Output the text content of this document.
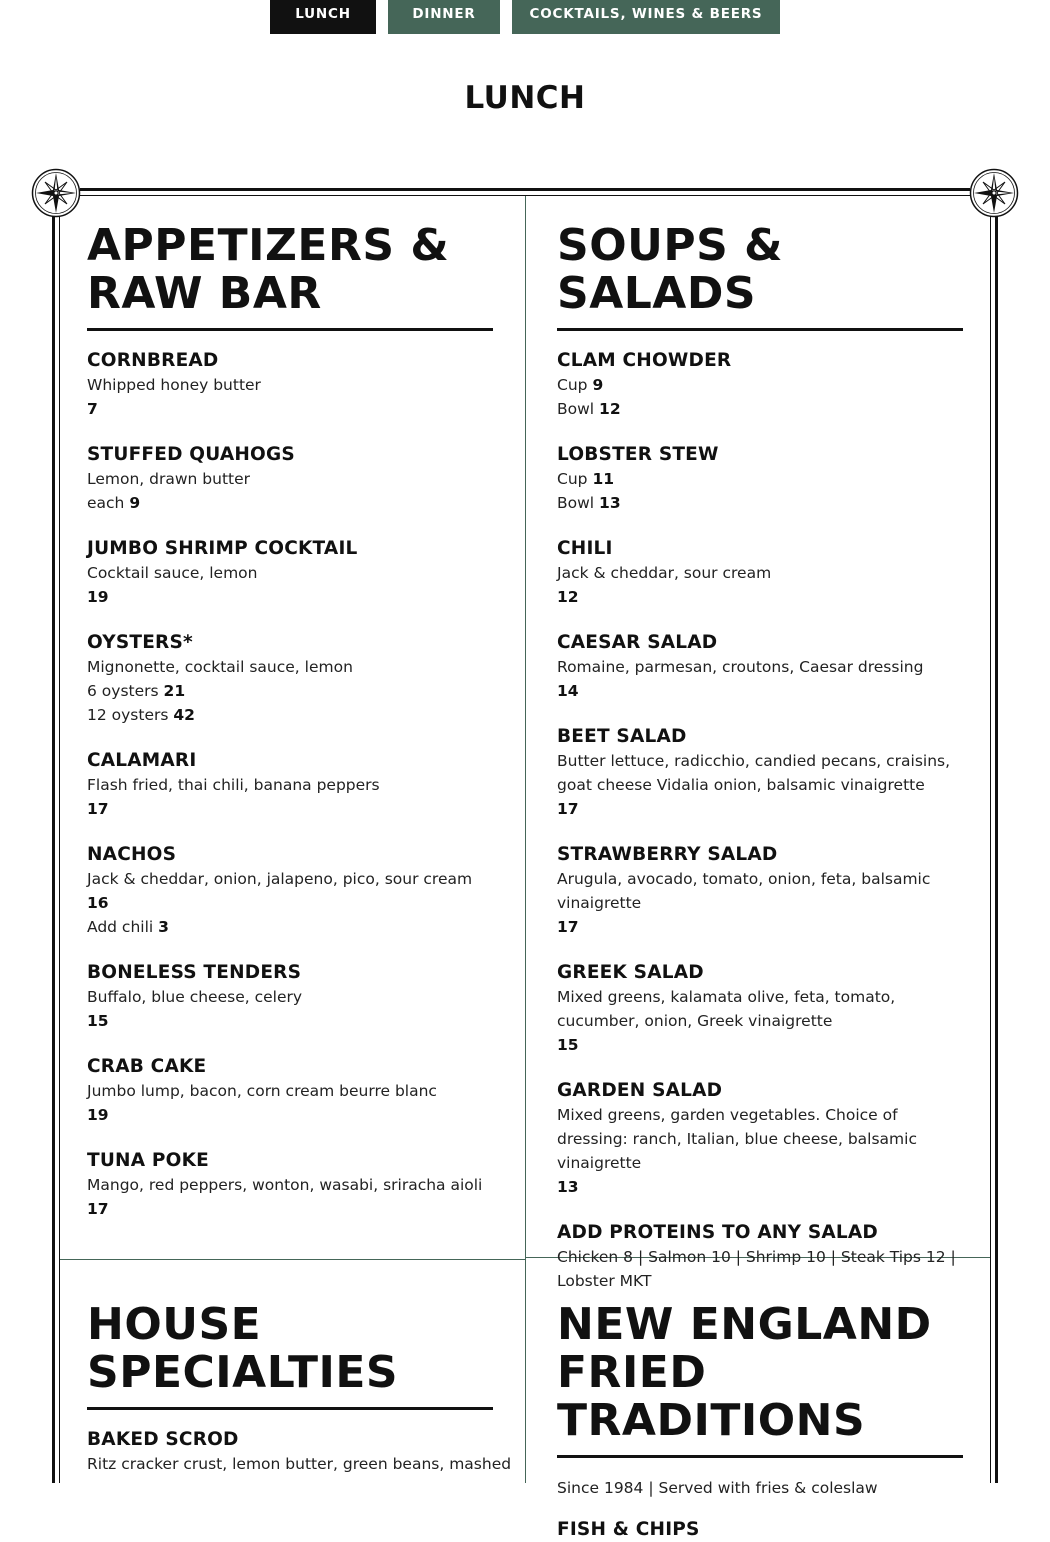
LUNCH	DINNER	COCKTAILS, WINES & BEERS
LUNCH
APPETIZERS &
RAW BAR
CORNBREAD
Whipped honey butter
7
STUFFED QUAHOGS
Lemon, drawn butter
each 9
JUMBO SHRIMP COCKTAIL
Cocktail sauce, lemon
19
OYSTERS*
Mignonette, cocktail sauce, lemon
6 oysters 21
12 oysters 42
CALAMARI
Flash fried, thai chili, banana peppers
17
NACHOS
Jack & cheddar, onion, jalapeno, pico, sour cream
16
Add chili 3
BONELESS TENDERS
Buffalo, blue cheese, celery
15
CRAB CAKE
Jumbo lump, bacon, corn cream beurre blanc
19
TUNA POKE
Mango, red peppers, wonton, wasabi, sriracha aioli
17
SOUPS & SALADS
CLAM CHOWDER
Cup 9
Bowl 12
LOBSTER STEW
Cup 11
Bowl 13
CHILI
Jack & cheddar, sour cream
12
CAESAR SALAD
Romaine, parmesan, croutons, Caesar dressing
14
BEET SALAD
Butter lettuce, radicchio, candied pecans, craisins, goat cheese Vidalia onion, balsamic vinaigrette
17
STRAWBERRY SALAD
Arugula, avocado, tomato, onion, feta, balsamic vinaigrette
17
GREEK SALAD
Mixed greens, kalamata olive, feta, tomato, cucumber, onion, Greek vinaigrette
15
GARDEN SALAD
Mixed greens, garden vegetables. Choice of dressing: ranch, Italian, blue cheese, balsamic vinaigrette
13
ADD PROTEINS TO ANY SALAD
Chicken 8 | Salmon 10 | Shrimp 10 | Steak Tips 12 | Lobster MKT
HOUSE
SPECIALTIES
BAKED SCROD
Ritz cracker crust, lemon butter, green beans, mashed
NEW ENGLAND
FRIED TRADITIONS
Since 1984 | Served with fries & coleslaw
FISH & CHIPS
